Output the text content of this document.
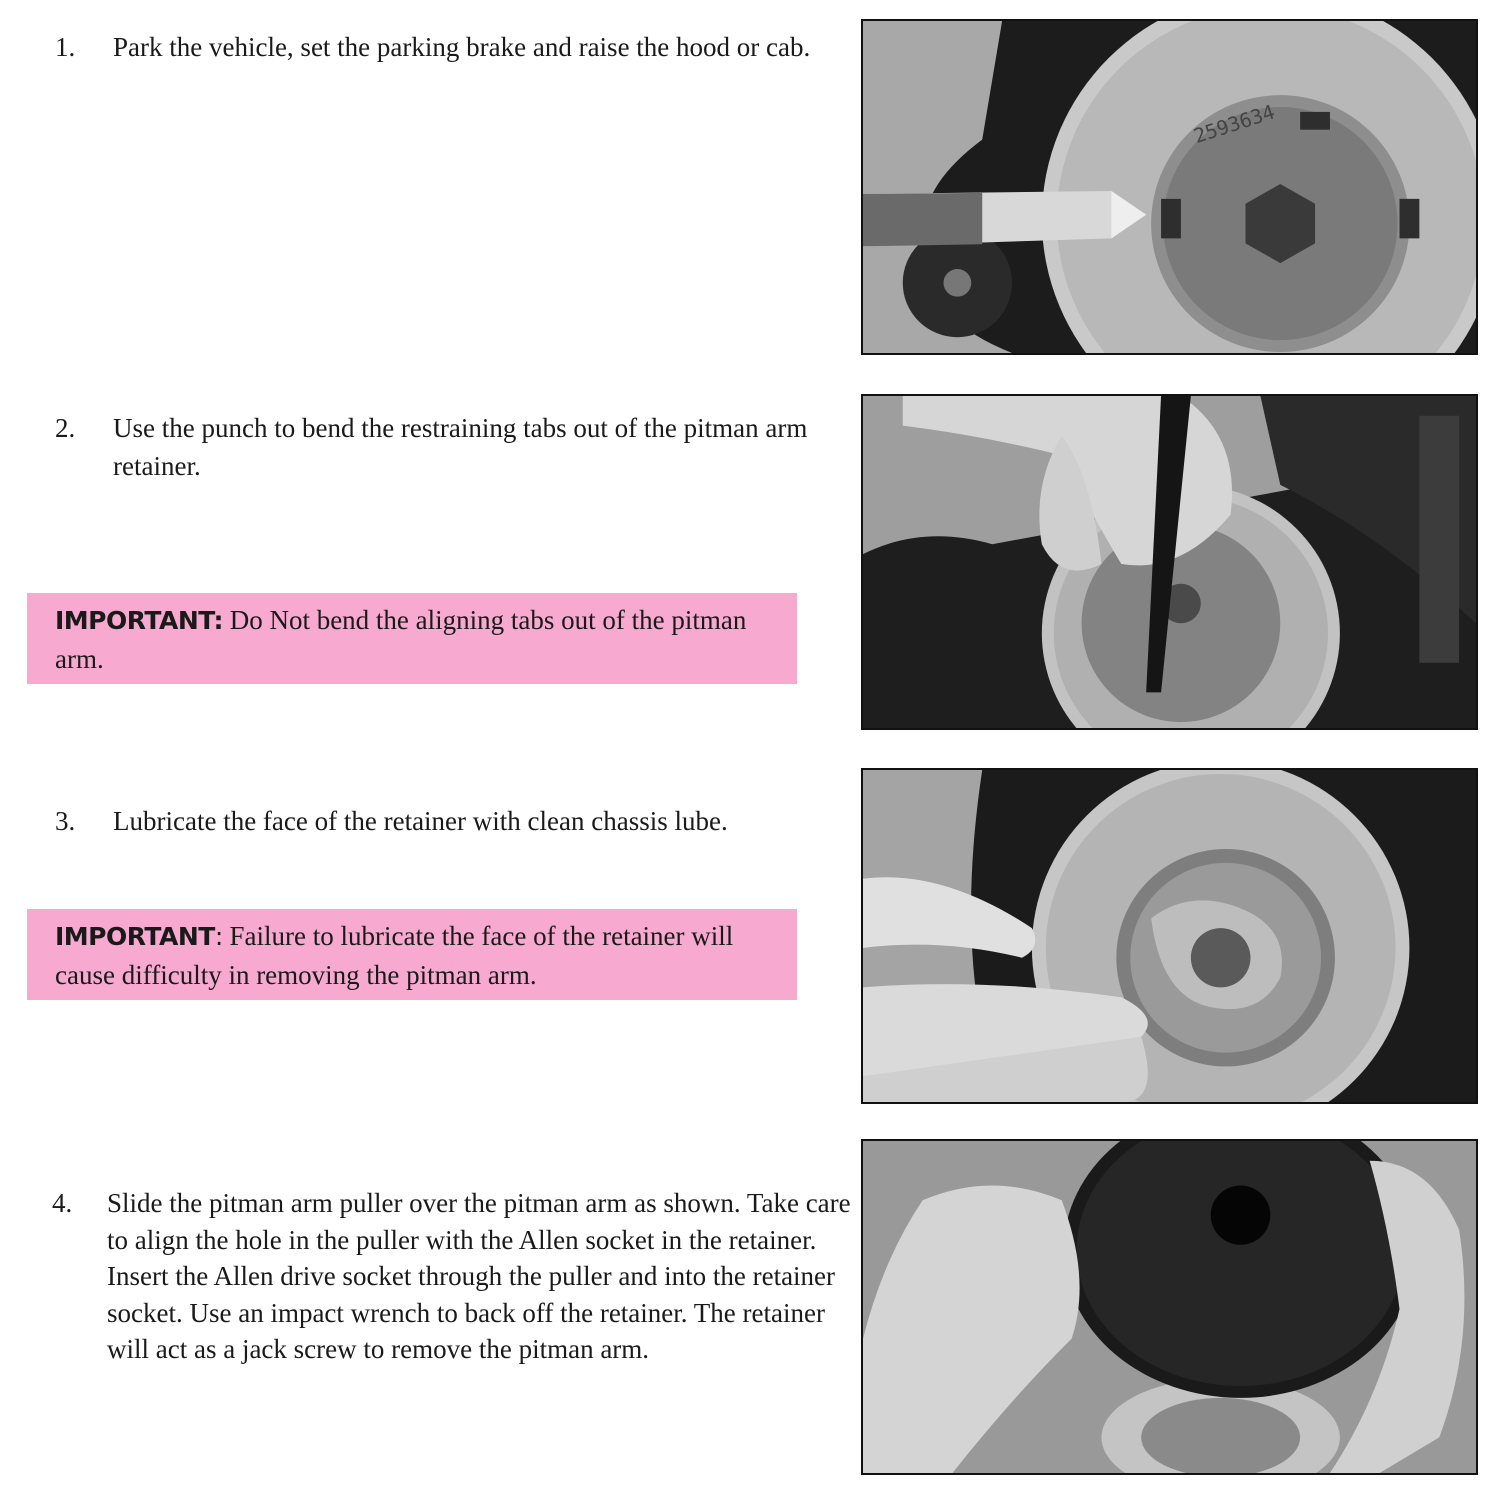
1. Park the vehicle, set the parking brake and raise the hood or cab.
2593634
2. Use the punch to bend the restraining tabs out of the pitman arm retainer.
IMPORTANT: Do Not bend the aligning tabs out of the pitman arm.
3. Lubricate the face of the retainer with clean chassis lube.
IMPORTANT: Failure to lubricate the face of the retainer will cause difficulty in removing the pitman arm.
4. Slide the pitman arm puller over the pitman arm as shown. Take care to align the hole in the puller with the Allen socket in the retainer. Insert the Allen drive socket through the puller and into the retainer socket. Use an impact wrench to back off the retainer. The retainer will act as a jack screw to remove the pitman arm.
